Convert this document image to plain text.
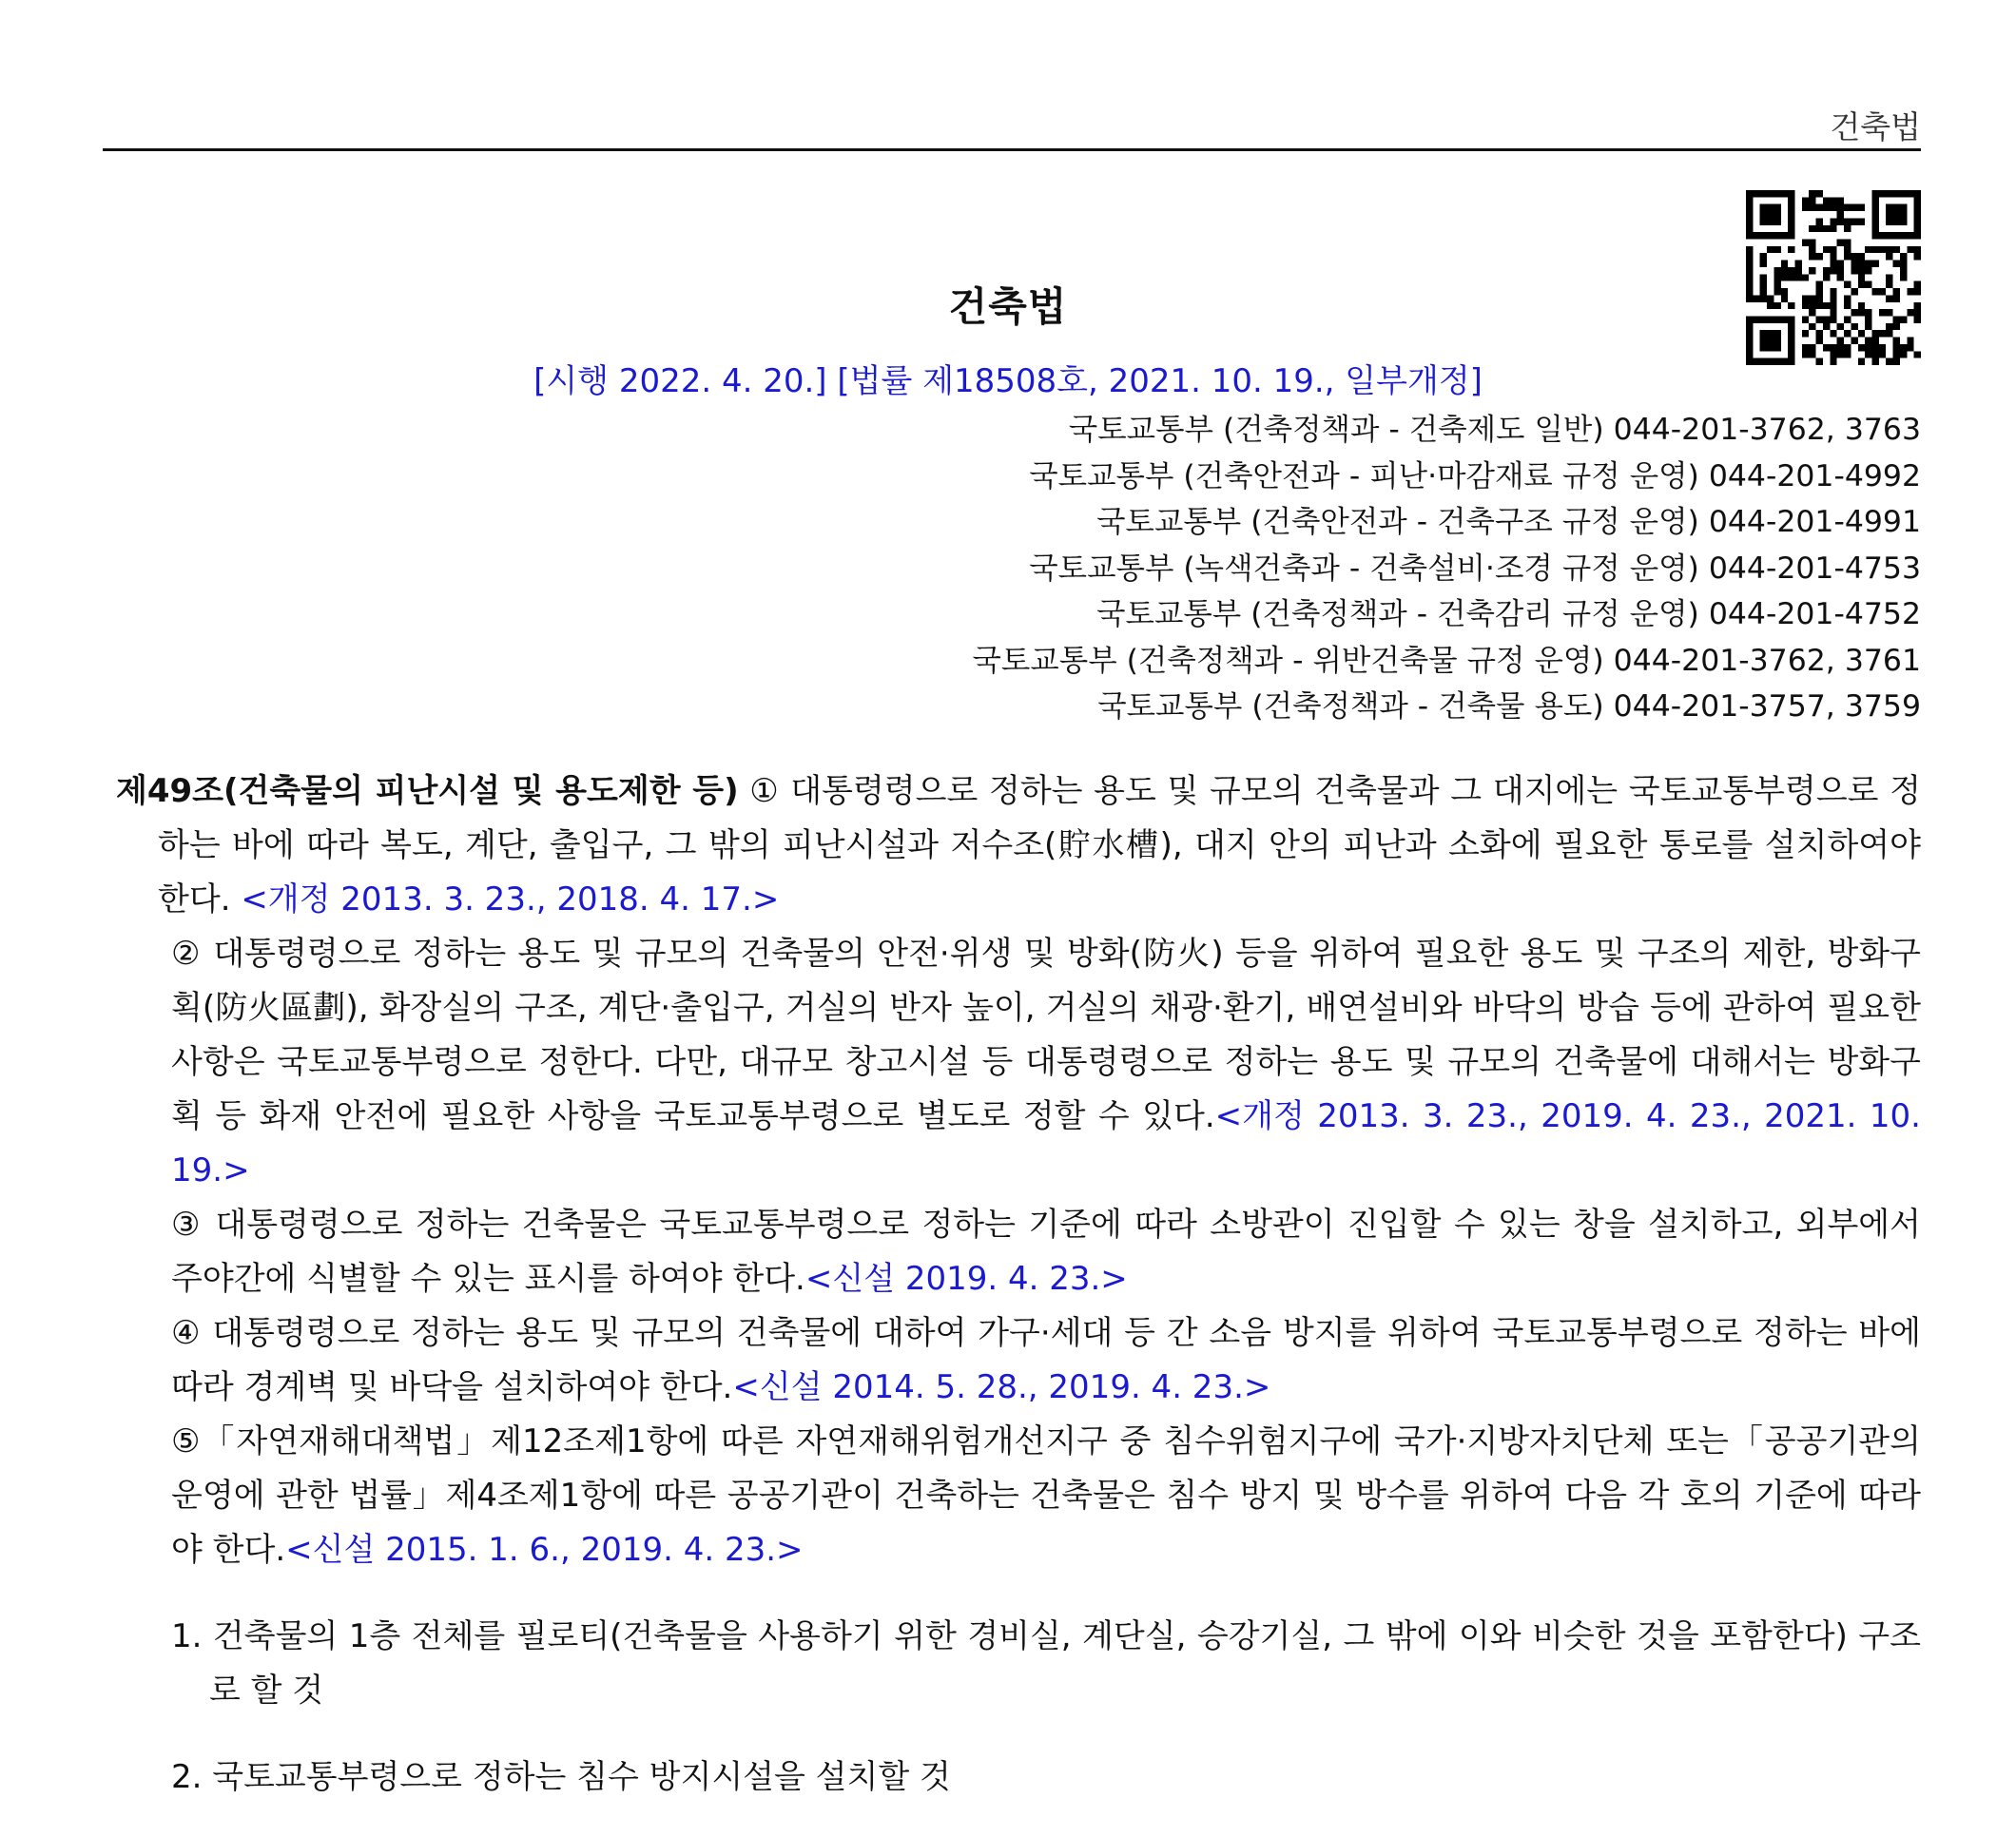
건축법
건축법
[시행 2022. 4. 20.] [법률 제18508호, 2021. 10. 19., 일부개정]
국토교통부 (건축정책과 - 건축제도 일반) 044-201-3762, 3763
국토교통부 (건축안전과 - 피난·마감재료 규정 운영) 044-201-4992
국토교통부 (건축안전과 - 건축구조 규정 운영) 044-201-4991
국토교통부 (녹색건축과 - 건축설비·조경 규정 운영) 044-201-4753
국토교통부 (건축정책과 - 건축감리 규정 운영) 044-201-4752
국토교통부 (건축정책과 - 위반건축물 규정 운영) 044-201-3762, 3761
국토교통부 (건축정책과 - 건축물 용도) 044-201-3757, 3759

제49조(건축물의 피난시설 및 용도제한 등) ① 대통령령으로 정하는 용도 및 규모의 건축물과 그 대지에는 국토교통부령으로 정하는 바에 따라 복도, 계단, 출입구, 그 밖의 피난시설과 저수조(貯水槽), 대지 안의 피난과 소화에 필요한 통로를 설치하여야 한다. <개정 2013. 3. 23., 2018. 4. 17.>

② 대통령령으로 정하는 용도 및 규모의 건축물의 안전·위생 및 방화(防火) 등을 위하여 필요한 용도 및 구조의 제한, 방화구획(防火區劃), 화장실의 구조, 계단·출입구, 거실의 반자 높이, 거실의 채광·환기, 배연설비와 바닥의 방습 등에 관하여 필요한 사항은 국토교통부령으로 정한다. 다만, 대규모 창고시설 등 대통령령으로 정하는 용도 및 규모의 건축물에 대해서는 방화구획 등 화재 안전에 필요한 사항을 국토교통부령으로 별도로 정할 수 있다.<개정 2013. 3. 23., 2019. 4. 23., 2021. 10. 19.>

③ 대통령령으로 정하는 건축물은 국토교통부령으로 정하는 기준에 따라 소방관이 진입할 수 있는 창을 설치하고, 외부에서 주야간에 식별할 수 있는 표시를 하여야 한다.<신설 2019. 4. 23.>

④ 대통령령으로 정하는 용도 및 규모의 건축물에 대하여 가구·세대 등 간 소음 방지를 위하여 국토교통부령으로 정하는 바에 따라 경계벽 및 바닥을 설치하여야 한다.<신설 2014. 5. 28., 2019. 4. 23.>

⑤「자연재해대책법」제12조제1항에 따른 자연재해위험개선지구 중 침수위험지구에 국가·지방자치단체 또는「공공기관의 운영에 관한 법률」제4조제1항에 따른 공공기관이 건축하는 건축물은 침수 방지 및 방수를 위하여 다음 각 호의 기준에 따라야 한다.<신설 2015. 1. 6., 2019. 4. 23.>

1. 건축물의 1층 전체를 필로티(건축물을 사용하기 위한 경비실, 계단실, 승강기실, 그 밖에 이와 비슷한 것을 포함한다) 구조로 할 것

2. 국토교통부령으로 정하는 침수 방지시설을 설치할 것
